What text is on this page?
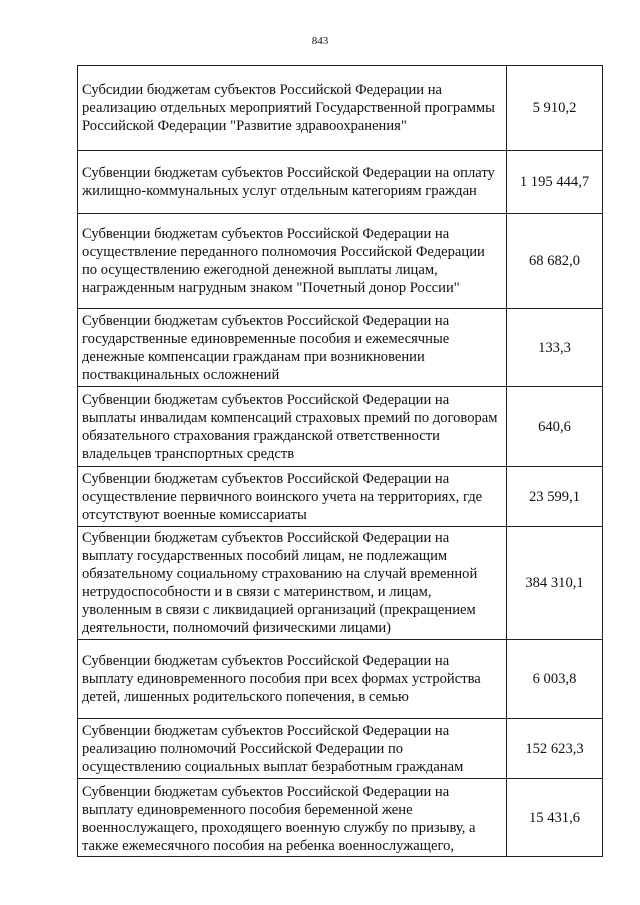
843
Субсидии бюджетам субъектов Российской Федерации на реализацию отдельных мероприятий Государственной программы Российской Федерации "Развитие здравоохранения"	5 910,2
Субвенции бюджетам субъектов Российской Федерации на оплату жилищно-коммунальных услуг отдельным категориям граждан	1 195 444,7
Субвенции бюджетам субъектов Российской Федерации на осуществление переданного полномочия Российской Федерации по осуществлению ежегодной денежной выплаты лицам, награжденным нагрудным знаком "Почетный донор России"	68 682,0
Субвенции бюджетам субъектов Российской Федерации на государственные единовременные пособия и ежемесячные денежные компенсации гражданам при возникновении поствакцинальных осложнений	133,3
Субвенции бюджетам субъектов Российской Федерации на выплаты инвалидам компенсаций страховых премий по договорам обязательного страхования гражданской ответственности владельцев транспортных средств	640,6
Субвенции бюджетам субъектов Российской Федерации на осуществление первичного воинского учета на территориях, где отсутствуют военные комиссариаты	23 599,1
Субвенции бюджетам субъектов Российской Федерации на выплату государственных пособий лицам, не подлежащим обязательному социальному страхованию на случай временной нетрудоспособности и в связи с материнством, и лицам, уволенным в связи с ликвидацией организаций (прекращением деятельности, полномочий физическими лицами)	384 310,1
Субвенции бюджетам субъектов Российской Федерации на выплату единовременного пособия при всех формах устройства детей, лишенных родительского попечения, в семью	6 003,8
Субвенции бюджетам субъектов Российской Федерации на реализацию полномочий Российской Федерации по осуществлению социальных выплат безработным гражданам	152 623,3
Субвенции бюджетам субъектов Российской Федерации на выплату единовременного пособия беременной жене военнослужащего, проходящего военную службу по призыву, а также ежемесячного пособия на ребенка военнослужащего,	15 431,6
